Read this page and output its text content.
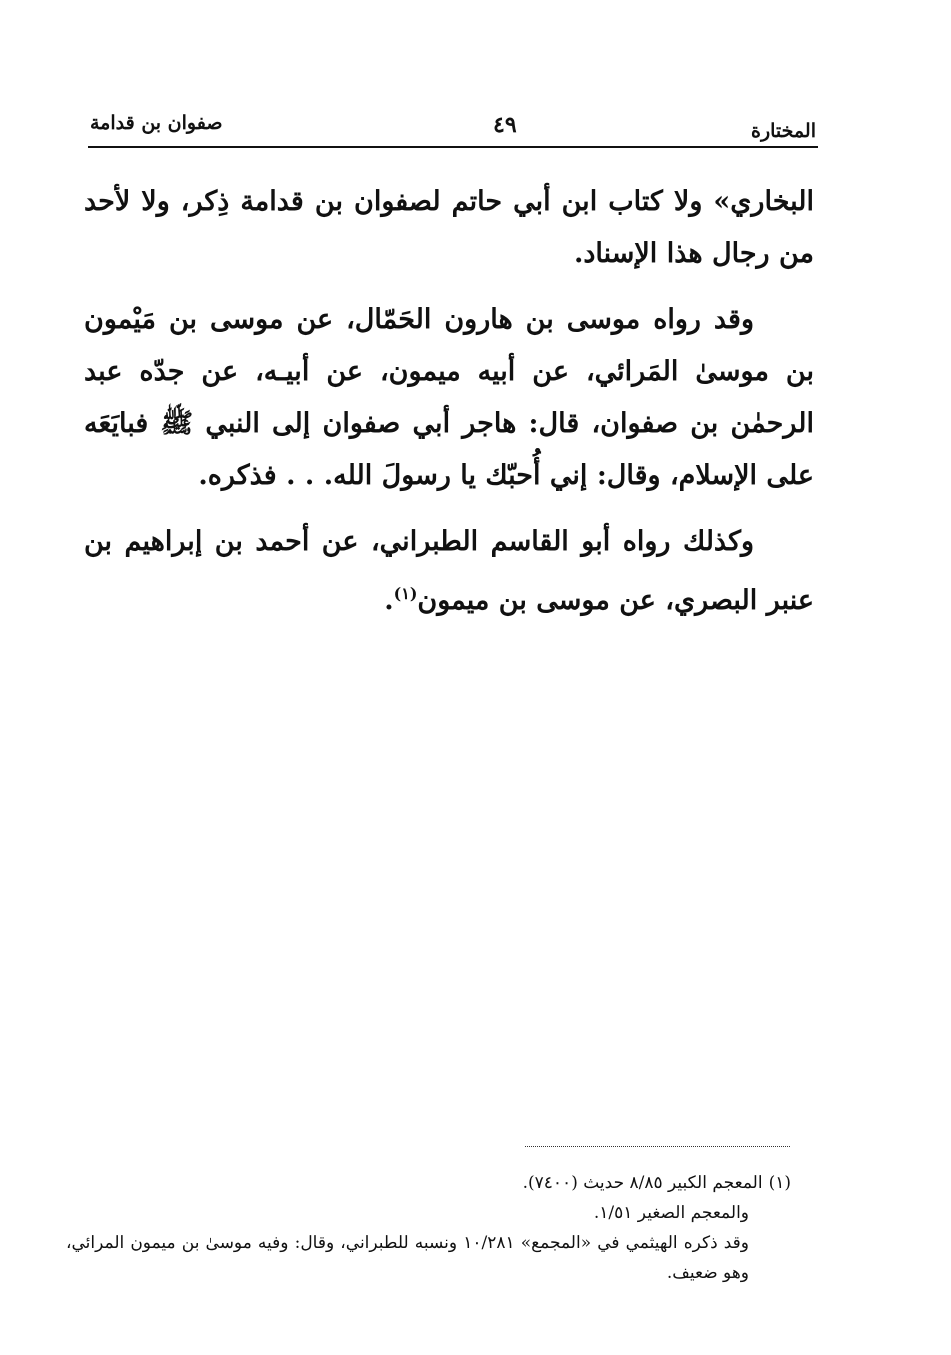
المختارة
٤٩
صفوان بن قدامة

البخاري» ولا كتاب ابن أبي حاتم لصفوان بن قدامة ذِكر، ولا لأحد من رجال هذا الإسناد.

وقد رواه موسى بن هارون الحَمّال، عن موسى بن مَيْمون بن موسىٰ المَرائي، عن أبيه ميمون، عن أبيـه، عن جدّه عبد الرحمٰن بن صفوان، قال: هاجر أبي صفوان إلى النبي ﷺ فبايَعَه على الإسلام، وقال: إني أُحبّك يا رسولَ الله. . . فذكره.

وكذلك رواه أبو القاسم الطبراني، عن أحمد بن إبراهيم بن عنبر البصري، عن موسى بن ميمون$^{(١)}$.

(١)المعجم الكبير ٨/٨٥ حديث (٧٤٠٠).
والمعجم الصغير ١/٥١.
وقد ذكره الهيثمي في «المجمع» ١٠/٢٨١ ونسبه للطبراني، وقال: وفيه موسىٰ بن ميمون المرائي، وهو ضعيف.
